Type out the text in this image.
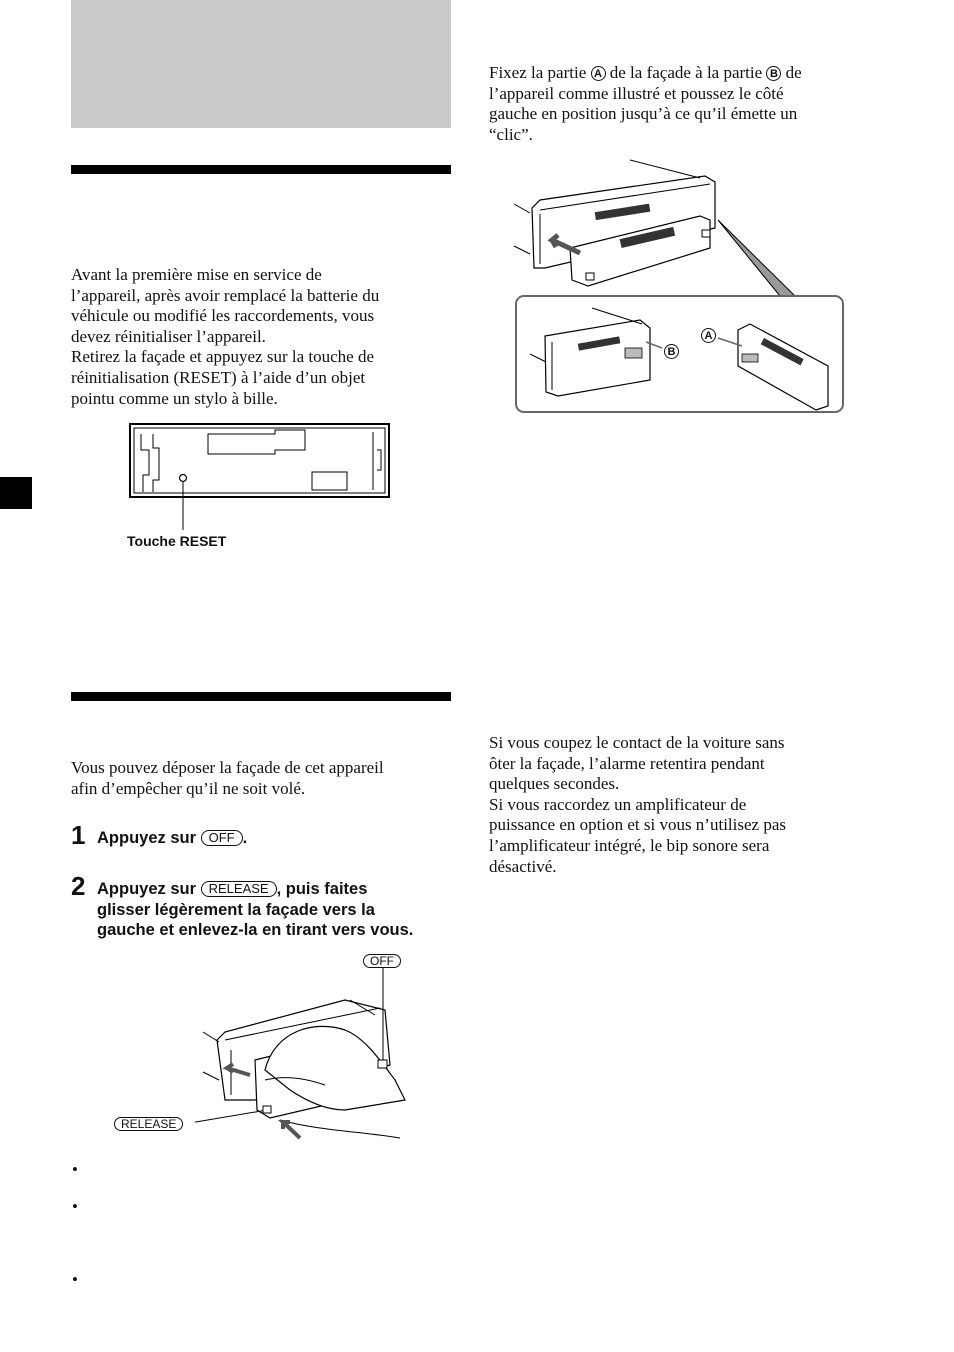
Avant la première mise en service de

l’appareil, après avoir remplacé la batterie du

véhicule ou modifié les raccordements, vous

devez réinitialiser l’appareil.

Retirez la façade et appuyez sur la touche de

réinitialisation (RESET) à l’aide d’un objet

pointu comme un stylo à bille.

Touche RESET

Vous pouvez déposer la façade de cet appareil

afin d’empêcher qu’il ne soit volé.

1 Appuyez sur OFF .
2 Appuyez sur RELEASE , puis faites
glisser légèrement la façade vers la
gauche et enlevez-la en tirant vers vous.
OFF
RELEASE
•
•
•

Fixez la partie A de la façade à la partie B de

l’appareil comme illustré et poussez le côté

gauche en position jusqu’à ce qu’il émette un

“clic”.

A
B

Si vous coupez le contact de la voiture sans

ôter la façade, l’alarme retentira pendant

quelques secondes.

Si vous raccordez un amplificateur de

puissance en option et si vous n’utilisez pas

l’amplificateur intégré, le bip sonore sera

désactivé.
